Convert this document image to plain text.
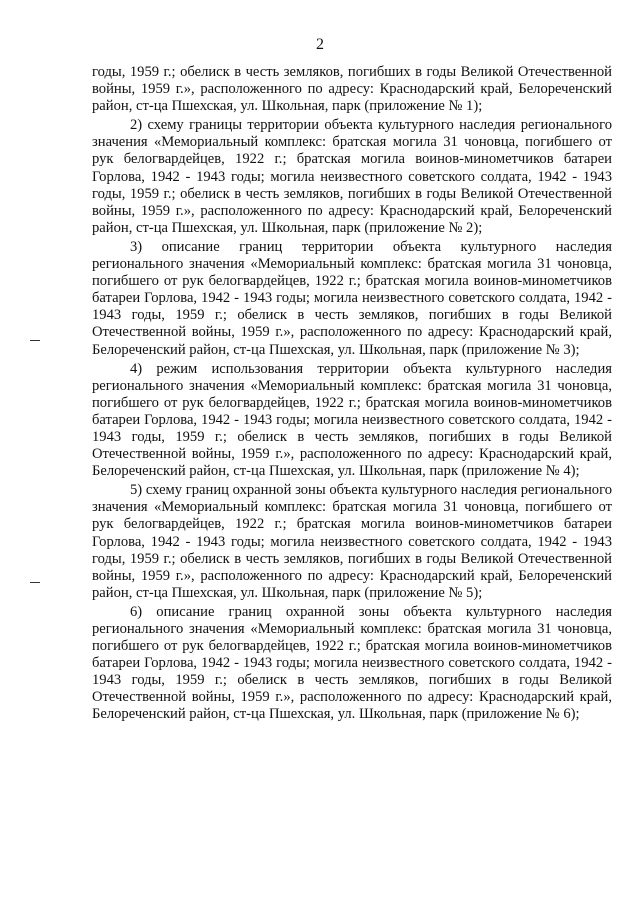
2

годы, 1959 г.; обелиск в честь земляков, погибших в годы Великой Отечественной войны, 1959 г.», расположенного по адресу: Краснодарский край, Белореченский район, ст-ца Пшехская, ул. Школьная, парк (приложение № 1);

2) схему границы территории объекта культурного наследия регионального значения «Мемориальный комплекс: братская могила 31 чоновца, погибшего от рук белогвардейцев, 1922 г.; братская могила воинов-минометчиков батареи Горлова, 1942 - 1943 годы; могила неизвестного советского солдата, 1942 - 1943 годы, 1959 г.; обелиск в честь земляков, погибших в годы Великой Отечественной войны, 1959 г.», расположенного по адресу: Краснодарский край, Белореченский район, ст-ца Пшехская, ул. Школьная, парк (приложение № 2);

3) описание границ территории объекта культурного наследия регионального значения «Мемориальный комплекс: братская могила 31 чоновца, погибшего от рук белогвардейцев, 1922 г.; братская могила воинов-минометчиков батареи Горлова, 1942 - 1943 годы; могила неизвестного советского солдата, 1942 - 1943 годы, 1959 г.; обелиск в честь земляков, погибших в годы Великой Отечественной войны, 1959 г.», расположенного по адресу: Краснодарский край, Белореченский район, ст-ца Пшехская, ул. Школьная, парк (приложение № 3);

4) режим использования территории объекта культурного наследия регионального значения «Мемориальный комплекс: братская могила 31 чоновца, погибшего от рук белогвардейцев, 1922 г.; братская могила воинов-минометчиков батареи Горлова, 1942 - 1943 годы; могила неизвестного советского солдата, 1942 - 1943 годы, 1959 г.; обелиск в честь земляков, погибших в годы Великой Отечественной войны, 1959 г.», расположенного по адресу: Краснодарский край, Белореченский район, ст-ца Пшехская, ул. Школьная, парк (приложение № 4);

5) схему границ охранной зоны объекта культурного наследия регионального значения «Мемориальный комплекс: братская могила 31 чоновца, погибшего от рук белогвардейцев, 1922 г.; братская могила воинов-минометчиков батареи Горлова, 1942 - 1943 годы; могила неизвестного советского солдата, 1942 - 1943 годы, 1959 г.; обелиск в честь земляков, погибших в годы Великой Отечественной войны, 1959 г.», расположенного по адресу: Краснодарский край, Белореченский район, ст-ца Пшехская, ул. Школьная, парк (приложение № 5);

6) описание границ охранной зоны объекта культурного наследия регионального значения «Мемориальный комплекс: братская могила 31 чоновца, погибшего от рук белогвардейцев, 1922 г.; братская могила воинов-минометчиков батареи Горлова, 1942 - 1943 годы; могила неизвестного советского солдата, 1942 - 1943 годы, 1959 г.; обелиск в честь земляков, погибших в годы Великой Отечественной войны, 1959 г.», расположенного по адресу: Краснодарский край, Белореченский район, ст-ца Пшехская, ул. Школьная, парк (приложение № 6);
